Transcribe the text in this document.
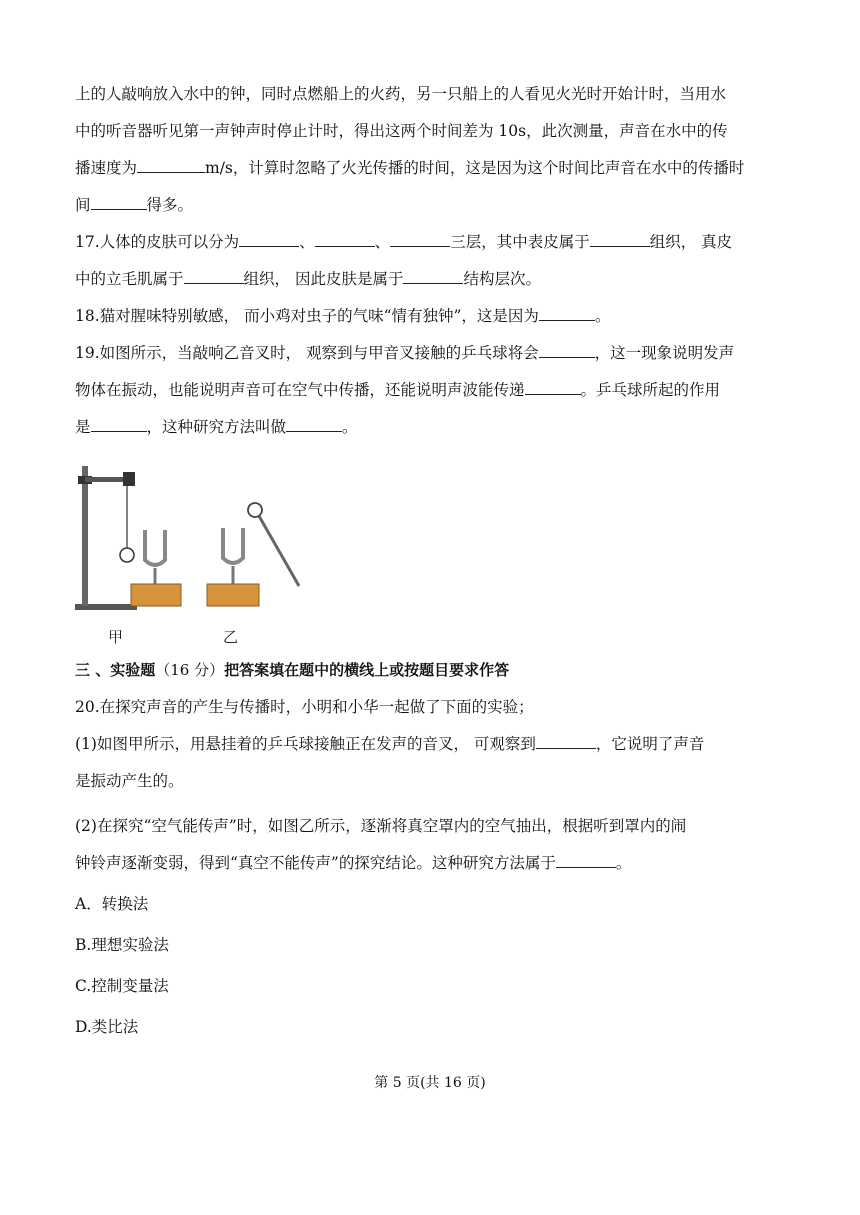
上的人敲响放入水中的钟，同时点燃船上的火药，另一只船上的人看见火光时开始计时，当用水

中的听音器听见第一声钟声时停止计时，得出这两个时间差为 10s，此次测量，声音在水中的传

播速度为	m/s，计算时忽略了火光传播的时间，这是因为这个时间比声音在水中的传播时

间	得多。

17.人体的皮肤可以分为	、	、	三层，其中表皮属于	组织， 真皮

中的立毛肌属于	组织， 因此皮肤是属于	结构层次。

18.猫对腥味特别敏感， 而小鸡对虫子的气味“情有独钟”，这是因为	。

19.如图所示，当敲响乙音叉时， 观察到与甲音叉接触的乒乓球将会	，这一现象说明发声

物体在振动，也能说明声音可在空气中传播，还能说明声波能传递	。乒乓球所起的作用

是	，这种研究方法叫做	。

甲	乙

三 、实验题（16 分）把答案填在题中的横线上或按题目要求作答

20.在探究声音的产生与传播时，小明和小华一起做了下面的实验；

(1)如图甲所示，用悬挂着的乒乓球接触正在发声的音叉， 可观察到	，它说明了声音

是振动产生的。

(2)在探究“空气能传声”时，如图乙所示，逐渐将真空罩内的空气抽出，根据听到罩内的闹

钟铃声逐渐变弱，得到“真空不能传声”的探究结论。这种研究方法属于	。

A．转换法

B.理想实验法

C.控制变量法

D.类比法

第 5 页(共 16 页)
